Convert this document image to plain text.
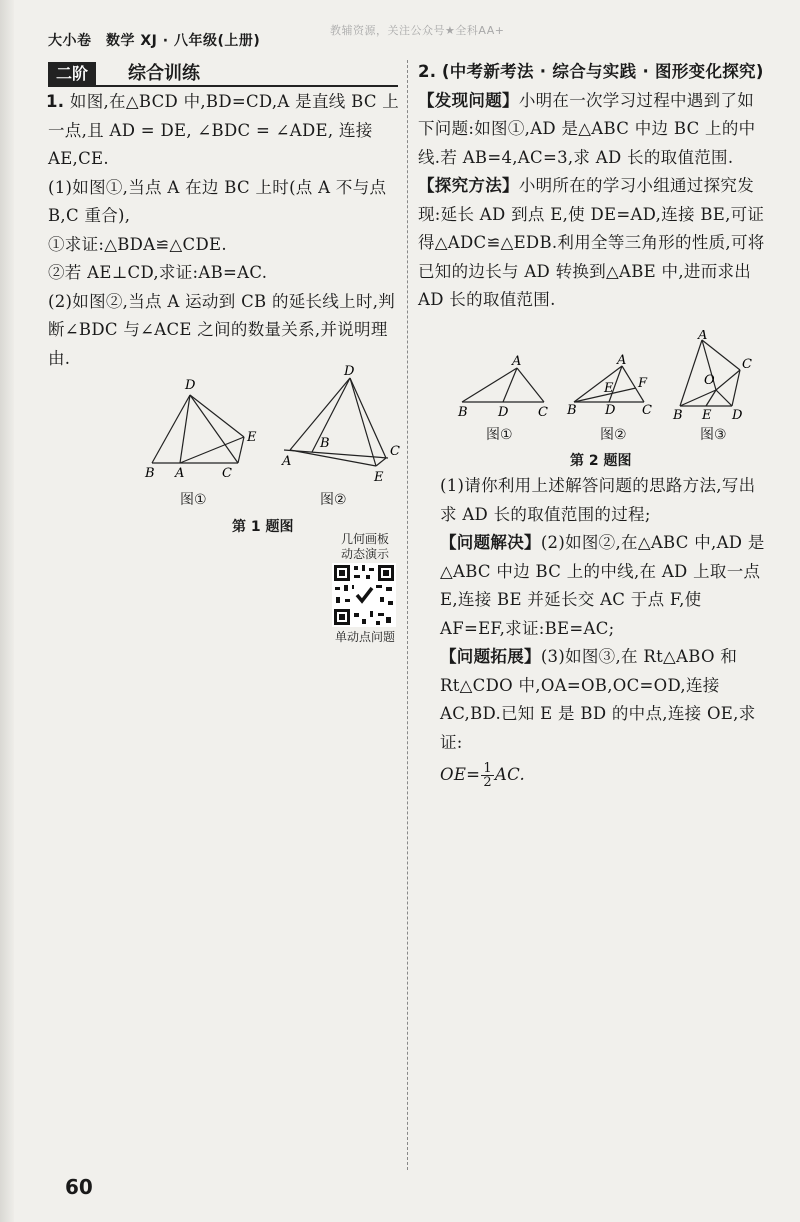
大小卷　数学 XJ · 八年级(上册)
教辅资源，关注公众号★全科AA+
二阶	综合训练

1. 如图,在△BCD 中,BD=CD,A 是直线 BC 上一点,且 AD = DE, ∠BDC = ∠ADE, 连接 AE,CE.

(1)如图①,当点 A 在边 BC 上时(点 A 不与点 B,C 重合),

①求证:△BDA≌△CDE.

②若 AE⊥CD,求证:AB=AC.

(2)如图②,当点 A 运动到 CB 的延长线上时,判断∠BDC 与∠ACE 之间的数量关系,并说明理由.

D
B A	C
E
图①
D
B
A
C
E
图②
第 1 题图
几何画板
动态演示
单动点问题

2. (中考新考法 · 综合与实践 · 图形变化探究)

【发现问题】小明在一次学习过程中遇到了如下问题:如图①,AD 是△ABC 中边 BC 上的中线.若 AB=4,AC=3,求 AD 长的取值范围.

【探究方法】小明所在的学习小组通过探究发现:延长 AD 到点 E,使 DE=AD,连接 BE,可证得△ADC≌△EDB.利用全等三角形的性质,可将已知的边长与 AD 转换到△ABE 中,进而求出 AD 长的取值范围.

A
B D C
图①
A
E F
B D C
图②
A
C
O
B E D
图③
第 2 题图

(1)请你利用上述解答问题的思路方法,写出求 AD 长的取值范围的过程;

【问题解决】(2)如图②,在△ABC 中,AD 是△ABC 中边 BC 上的中线,在 AD 上取一点 E,连接 BE 并延长交 AC 于点 F,使 AF=EF,求证:BE=AC;

【问题拓展】(3)如图③,在 Rt△ABO 和 Rt△CDO 中,OA=OB,OC=OD,连接 AC,BD.已知 E 是 BD 的中点,连接 OE,求证:

$OE= \frac{1}{2}$ AC.

60
